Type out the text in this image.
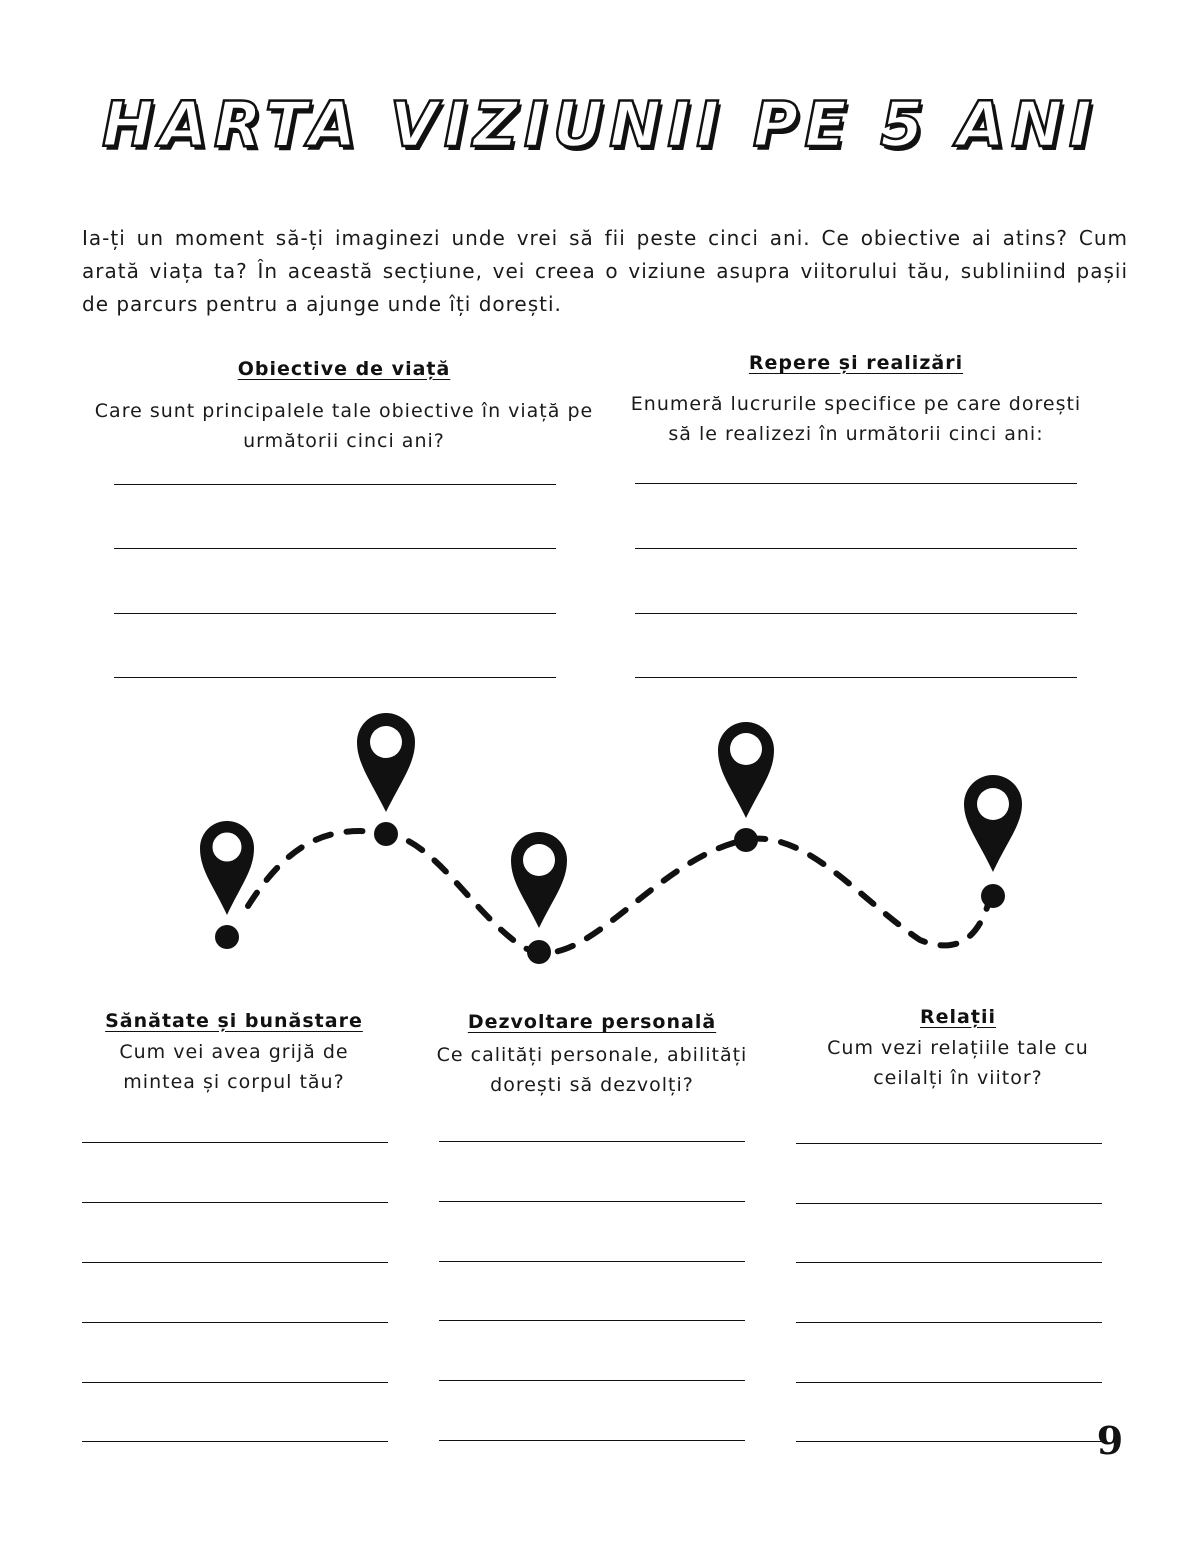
HARTA VIZIUNII PE 5 ANI
Ia-ți un moment să-ți imaginezi unde vrei să fii peste cinci ani. Ce obiective ai atins? Cum arată viața ta? În această secțiune, vei creea o viziune asupra viitorului tău, subliniind pașii de parcurs pentru a ajunge unde îți dorești.
Obiective de viață
Care sunt principalele tale obiective în viață pe următorii cinci ani?
Repere și realizări
Enumeră lucrurile specifice pe care dorești să le realizezi în următorii cinci ani:
Sănătate și bunăstare
Cum vei avea grijă de mintea și corpul tău?
Dezvoltare personală
Ce calități personale, abilități dorești să dezvolți?
Relații
Cum vezi relațiile tale cu ceilalți în viitor?
9
